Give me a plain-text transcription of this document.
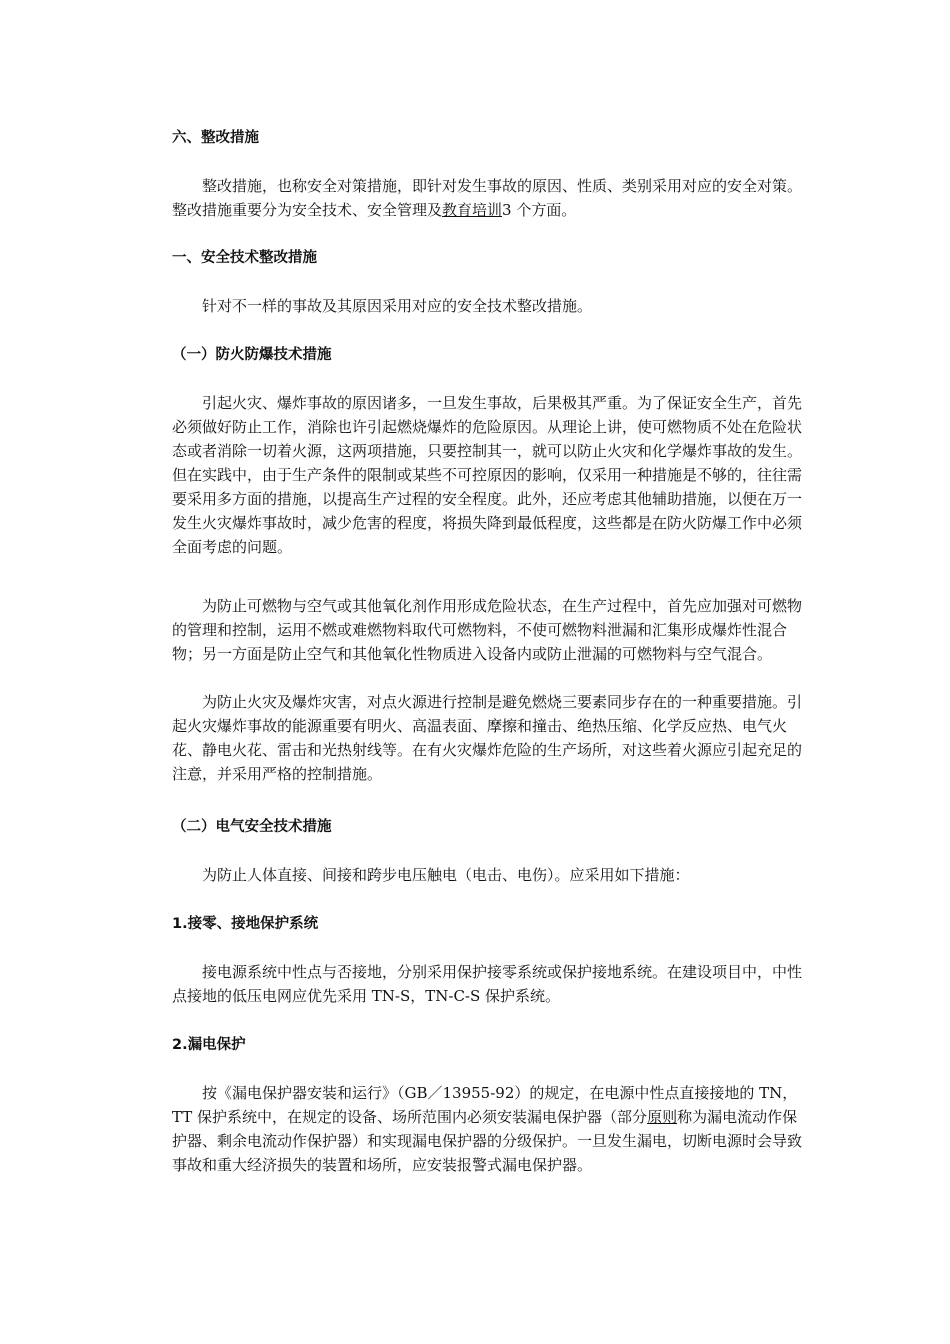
六、整改措施
整改措施，也称安全对策措施，即针对发生事故的原因、性质、类别采用对应的安全对策。整改措施重要分为安全技术、安全管理及教育培训3 个方面。
一、安全技术整改措施
针对不一样的事故及其原因采用对应的安全技术整改措施。
（一）防火防爆技术措施
引起火灾、爆炸事故的原因诸多，一旦发生事故，后果极其严重。为了保证安全生产，首先必须做好防止工作，消除也许引起燃烧爆炸的危险原因。从理论上讲，使可燃物质不处在危险状态或者消除一切着火源，这两项措施，只要控制其一，就可以防止火灾和化学爆炸事故的发生。但在实践中，由于生产条件的限制或某些不可控原因的影响，仅采用一种措施是不够的，往往需要采用多方面的措施，以提高生产过程的安全程度。此外，还应考虑其他辅助措施，以便在万一发生火灾爆炸事故时，减少危害的程度，将损失降到最低程度，这些都是在防火防爆工作中必须全面考虑的问题。
为防止可燃物与空气或其他氧化剂作用形成危险状态，在生产过程中，首先应加强对可燃物的管理和控制，运用不燃或难燃物料取代可燃物料，不使可燃物料泄漏和汇集形成爆炸性混合物；另一方面是防止空气和其他氧化性物质进入设备内或防止泄漏的可燃物料与空气混合。
为防止火灾及爆炸灾害，对点火源进行控制是避免燃烧三要素同步存在的一种重要措施。引起火灾爆炸事故的能源重要有明火、高温表面、摩擦和撞击、绝热压缩、化学反应热、电气火花、静电火花、雷击和光热射线等。在有火灾爆炸危险的生产场所，对这些着火源应引起充足的注意，并采用严格的控制措施。
（二）电气安全技术措施
为防止人体直接、间接和跨步电压触电（电击、电伤）。应采用如下措施：
1.接零、接地保护系统
接电源系统中性点与否接地，分别采用保护接零系统或保护接地系统。在建设项目中，中性点接地的低压电网应优先采用 TN-S，TN-C-S 保护系统。
2.漏电保护
按《漏电保护器安装和运行》（GB／13955-92）的规定，在电源中性点直接接地的 TN，TT 保护系统中，在规定的设备、场所范围内必须安装漏电保护器（部分原则称为漏电流动作保护器、剩余电流动作保护器）和实现漏电保护器的分级保护。一旦发生漏电，切断电源时会导致事故和重大经济损失的装置和场所，应安装报警式漏电保护器。
